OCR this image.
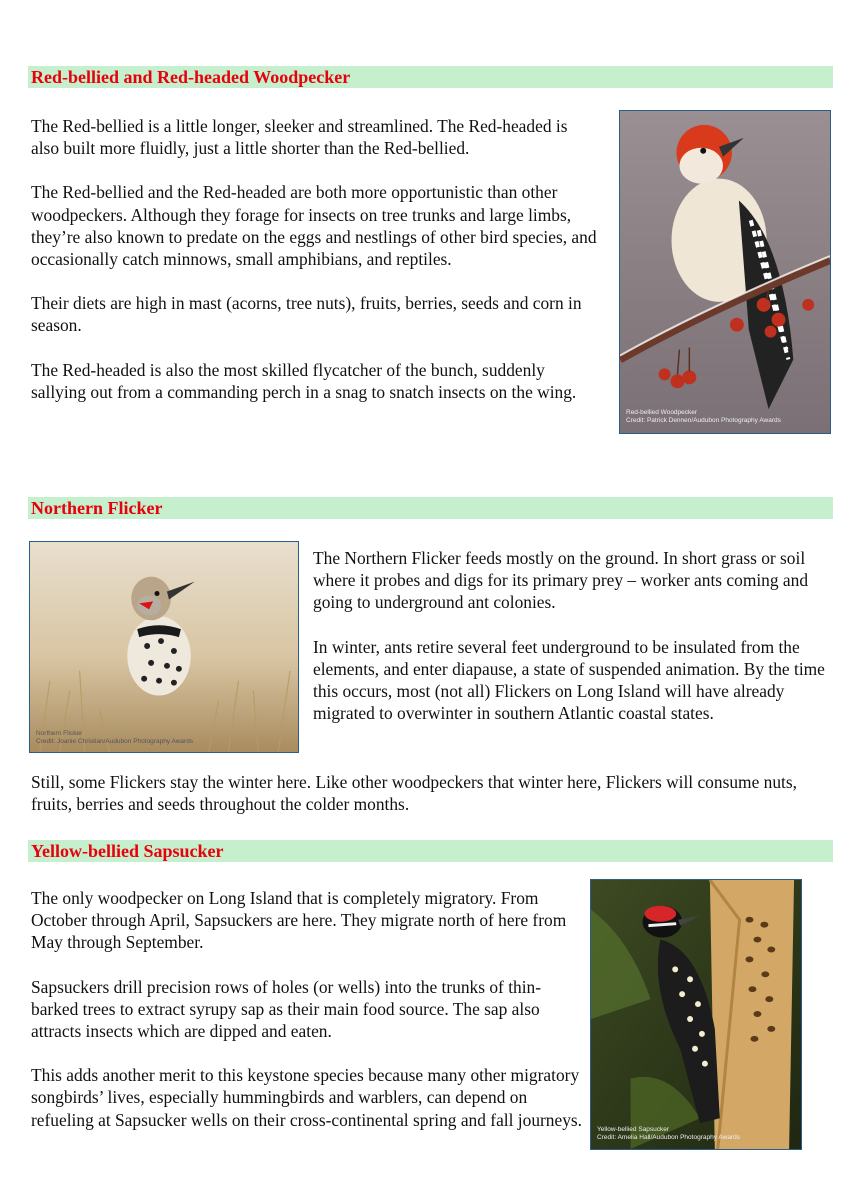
Red-bellied and Red-headed Woodpecker

The Red-bellied is a little longer, sleeker and streamlined. The Red-headed is also built more fluidly, just a little shorter than the Red-bellied.

The Red-bellied and the Red-headed are both more opportunistic than other woodpeckers. Although they forage for insects on tree trunks and large limbs, they’re also known to predate on the eggs and nestlings of other bird species, and occasionally catch minnows, small amphibians, and reptiles.

Their diets are high in mast (acorns, tree nuts), fruits, berries, seeds and corn in season.

The Red-headed is also the most skilled flycatcher of the bunch, suddenly sallying out from a commanding perch in a snag to snatch insects on the wing.

Red-bellied Woodpecker
Credit: Patrick Dennen/Audubon Photography Awards
Northern Flicker
Northern Flicker
Credit: Joanie Christian/Audubon Photography Awards

The Northern Flicker feeds mostly on the ground. In short grass or soil where it probes and digs for its primary prey – worker ants coming and going to underground ant colonies.

In winter, ants retire several feet underground to be insulated from the elements, and enter diapause, a state of suspended animation. By the time this occurs, most (not all) Flickers on Long Island will have already migrated to overwinter in southern Atlantic coastal states.

Still, some Flickers stay the winter here. Like other woodpeckers that winter here, Flickers will consume nuts, fruits, berries and seeds throughout the colder months.

Yellow-bellied Sapsucker

The only woodpecker on Long Island that is completely migratory. From October through April, Sapsuckers are here. They migrate north of here from May through September.

Sapsuckers drill precision rows of holes (or wells) into the trunks of thin-barked trees to extract syrupy sap as their main food source. The sap also attracts insects which are dipped and eaten.

This adds another merit to this keystone species because many other migratory songbirds’ lives, especially hummingbirds and warblers, can depend on refueling at Sapsucker wells on their cross-continental spring and fall journeys. Yellow-bellied Sapsucker
Credit: Amelia Hall/Audubon Photography Awards
